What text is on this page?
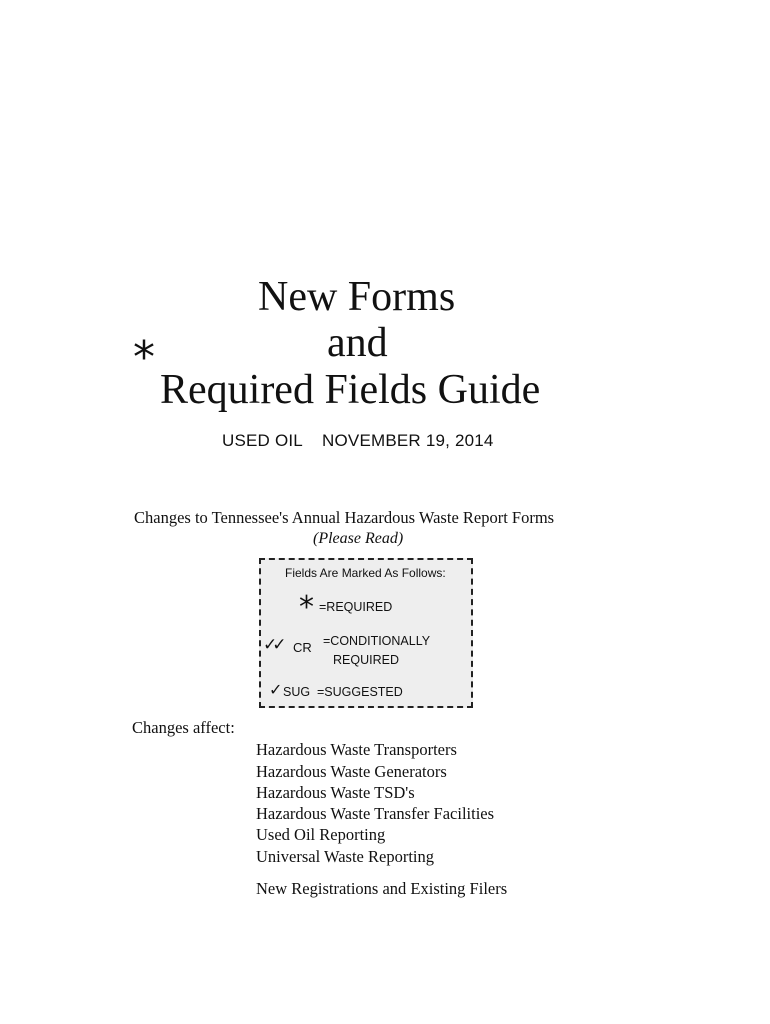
New Forms
*	and
Required Fields Guide
USED OIL NOVEMBER 19, 2014
Changes to Tennessee's Annual Hazardous Waste Report Forms
(Please Read)
Fields Are Marked As Follows:
* =REQUIRED
✓✓ CR =CONDITIONALLY
REQUIRED
✓ SUG =SUGGESTED
Changes affect:
Hazardous Waste Transporters
Hazardous Waste Generators
Hazardous Waste TSD's
Hazardous Waste Transfer Facilities
Used Oil Reporting
Universal Waste Reporting
New Registrations and Existing Filers
